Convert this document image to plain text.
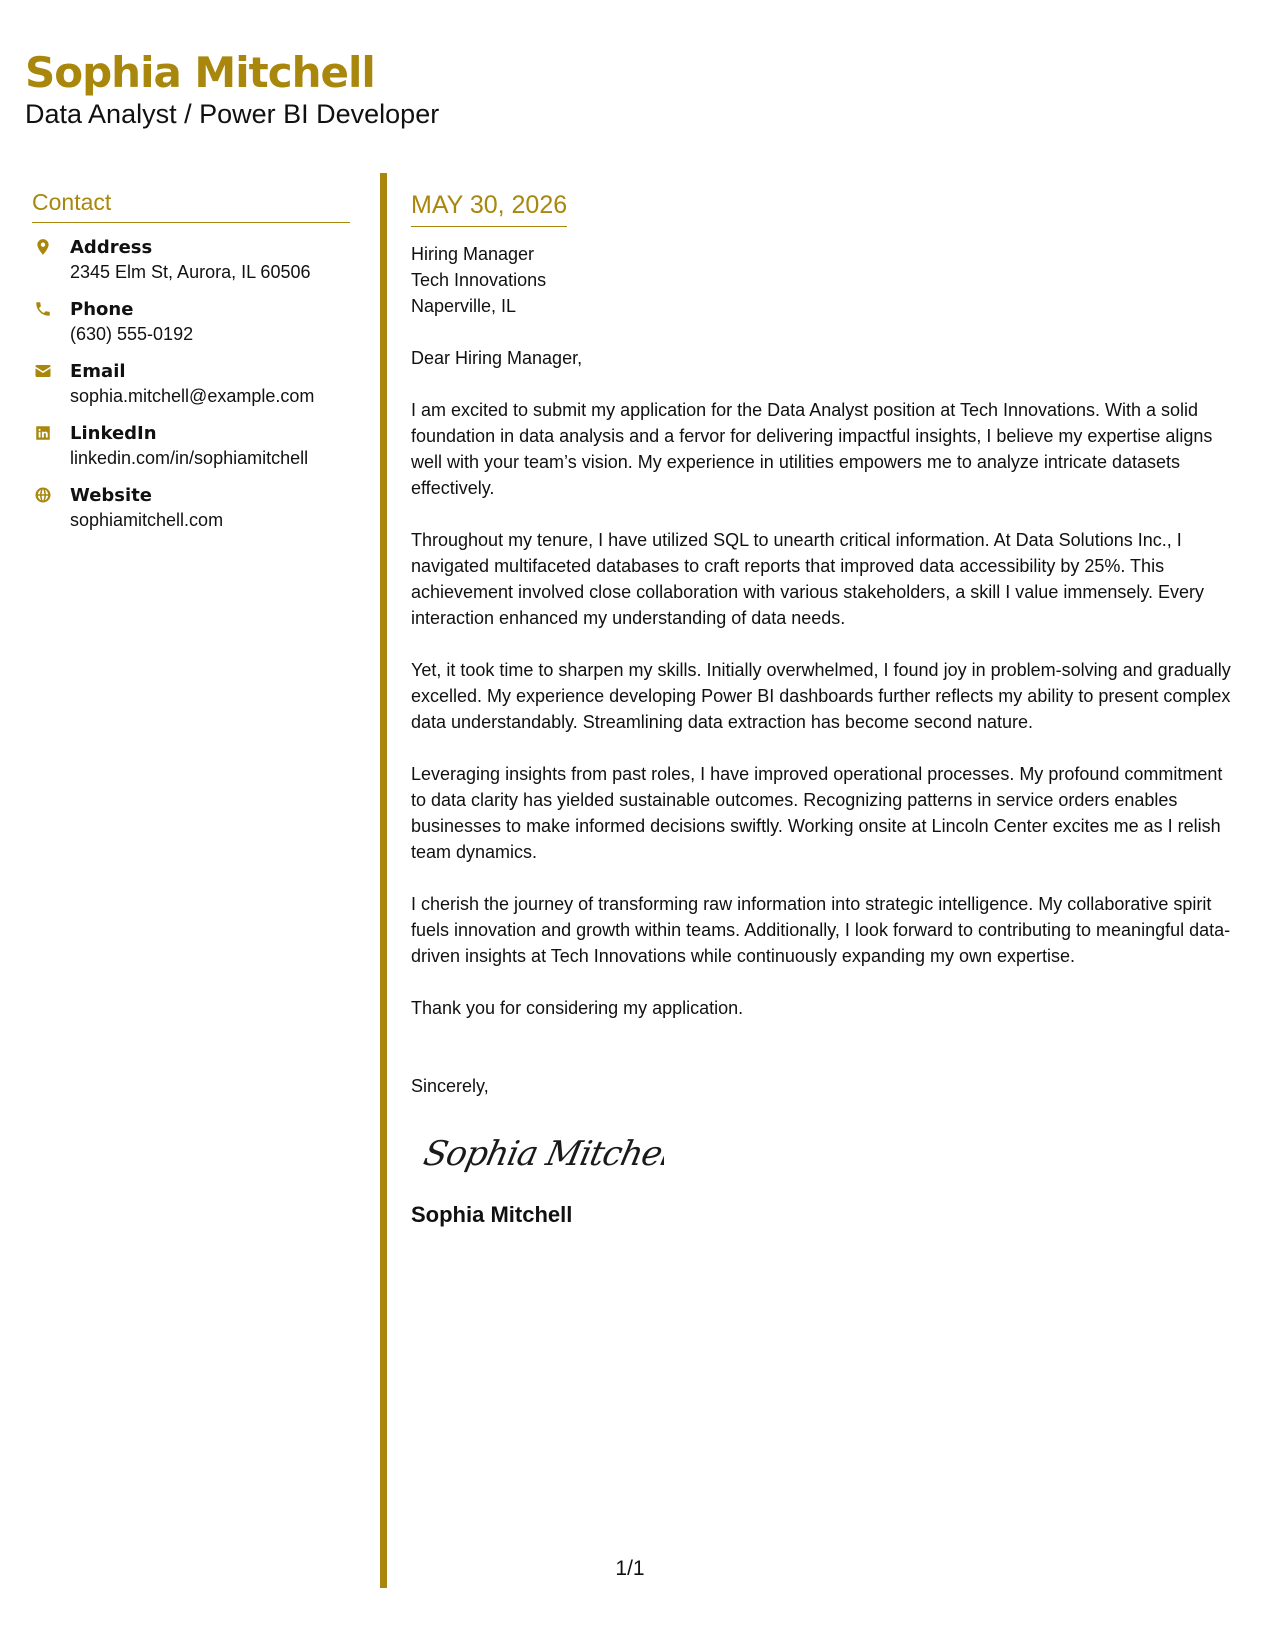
Sophia Mitchell
Data Analyst / Power BI Developer
Contact
Address
2345 Elm St, Aurora, IL 60506
Phone
(630) 555-0192
Email
sophia.mitchell@example.com
LinkedIn
linkedin.com/in/sophiamitchell
Website
sophiamitchell.com
MAY 30, 2026
Hiring Manager
Tech Innovations
Naperville, IL
Dear Hiring Manager,
I am excited to submit my application for the Data Analyst position at Tech Innovations. With a solid foundation in data analysis and a fervor for delivering impactful insights, I believe my expertise aligns well with your team’s vision. My experience in utilities empowers me to analyze intricate datasets effectively.
Throughout my tenure, I have utilized SQL to unearth critical information. At Data Solutions Inc., I navigated multifaceted databases to craft reports that improved data accessibility by 25%. This achievement involved close collaboration with various stakeholders, a skill I value immensely. Every interaction enhanced my understanding of data needs.
Yet, it took time to sharpen my skills. Initially overwhelmed, I found joy in problem-solving and gradually excelled. My experience developing Power BI dashboards further reflects my ability to present complex data understandably. Streamlining data extraction has become second nature.
Leveraging insights from past roles, I have improved operational processes. My profound commitment to data clarity has yielded sustainable outcomes. Recognizing patterns in service orders enables businesses to make informed decisions swiftly. Working onsite at Lincoln Center excites me as I relish team dynamics.
I cherish the journey of transforming raw information into strategic intelligence. My collaborative spirit fuels innovation and growth within teams. Additionally, I look forward to contributing to meaningful data-driven insights at Tech Innovations while continuously expanding my own expertise.
Thank you for considering my application.
Sincerely,
Sophia Mitchell
Sophia Mitchell
1/1
